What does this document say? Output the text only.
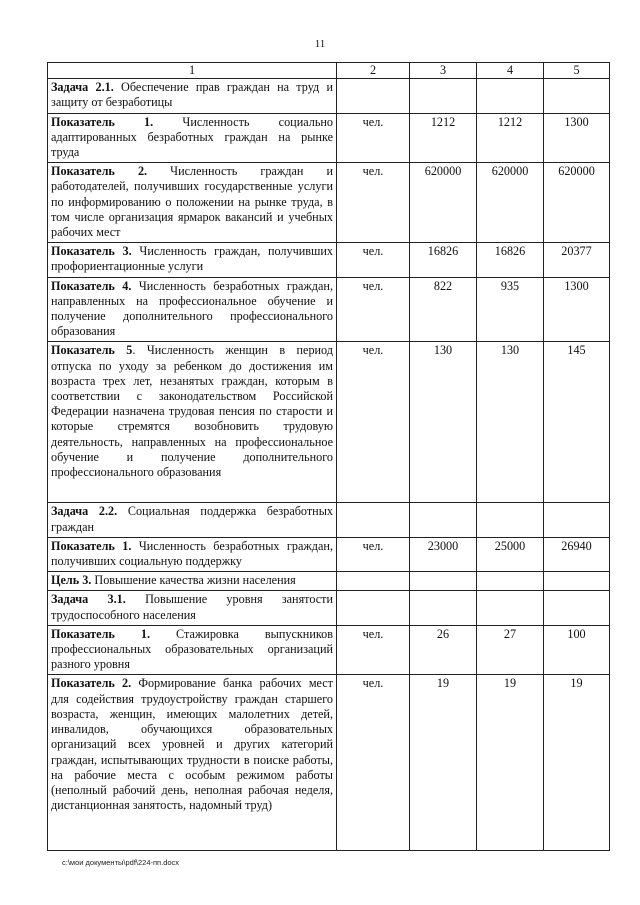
11
1	2	3	4	5
Задача 2.1. Обеспечение прав граждан на труд и защиту от безработицы				
Показатель 1. Численность социально адаптированных безработных граждан на рынке труда	чел.	1212	1212	1300
Показатель 2. Численность граждан и работодателей, получивших государственные услуги по информированию о положении на рынке труда, в том числе организация ярмарок вакансий и учебных рабочих мест	чел.	620000	620000	620000
Показатель 3. Численность граждан, получивших профориентационные услуги	чел.	16826	16826	20377
Показатель 4. Численность безработных граждан, направленных на профессиональное обучение и получение дополнительного профессионального образования	чел.	822	935	1300
Показатель 5. Численность женщин в период отпуска по уходу за ребенком до достижения им возраста трех лет, незанятых граждан, которым в соответствии с законодательством Российской Федерации назначена трудовая пенсия по старости и которые стремятся возобновить трудовую деятельность, направленных на профессиональное обучение и получение дополнительного профессионального образования	чел.	130	130	145
Задача 2.2. Социальная поддержка безработных граждан				
Показатель 1. Численность безработных граждан, получивших социальную поддержку	чел.	23000	25000	26940
Цель 3. Повышение качества жизни населения				
Задача 3.1. Повышение уровня занятости трудоспособного населения				
Показатель 1. Стажировка выпускников профессиональных образовательных организаций разного уровня	чел.	26	27	100
Показатель 2. Формирование банка рабочих мест для содействия трудоустройству граждан старшего возраста, женщин, имеющих малолетних детей, инвалидов, обучающихся образовательных организаций всех уровней и других категорий граждан, испытывающих трудности в поиске работы, на рабочие места с особым режимом работы (неполный рабочий день, неполная рабочая неделя, дистанционная занятость, надомный труд)	чел.	19	19	19
c:\мои документы\pdf\224-пп.docx
